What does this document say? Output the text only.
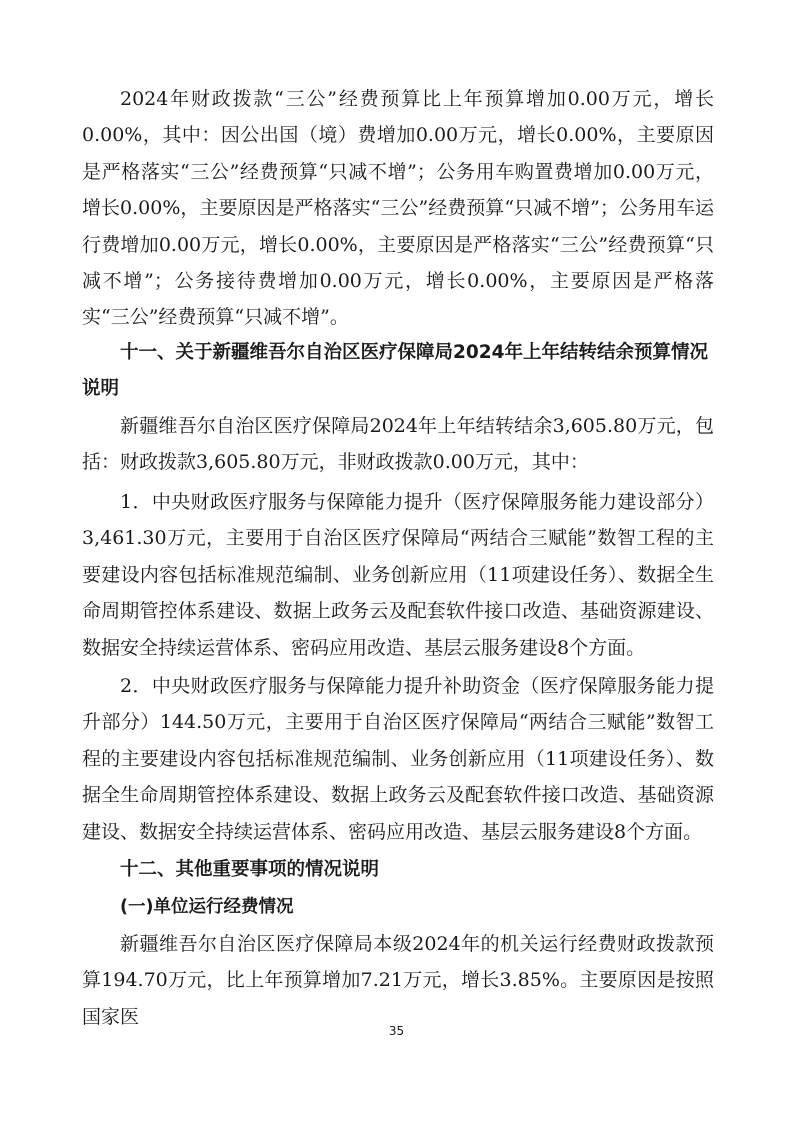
2024年财政拨款“三公”经费预算比上年预算增加0.00万元，增长0.00%，其中：因公出国（境）费增加0.00万元，增长0.00%，主要原因是严格落实“三公”经费预算“只减不增”；公务用车购置费增加0.00万元，增长0.00%，主要原因是严格落实“三公”经费预算“只减不增”；公务用车运行费增加0.00万元，增长0.00%，主要原因是严格落实“三公”经费预算“只减不增”；公务接待费增加0.00万元，增长0.00%，主要原因是严格落实“三公”经费预算“只减不增”。

十一、关于新疆维吾尔自治区医疗保障局2024年上年结转结余预算情况说明

新疆维吾尔自治区医疗保障局2024年上年结转结余3,605.80万元，包括：财政拨款3,605.80万元，非财政拨款0.00万元，其中：

1．中央财政医疗服务与保障能力提升（医疗保障服务能力建设部分）3,461.30万元，主要用于自治区医疗保障局“两结合三赋能”数智工程的主要建设内容包括标准规范编制、业务创新应用（11项建设任务）、数据全生命周期管控体系建设、数据上政务云及配套软件接口改造、基础资源建设、数据安全持续运营体系、密码应用改造、基层云服务建设8个方面。

2．中央财政医疗服务与保障能力提升补助资金（医疗保障服务能力提升部分）144.50万元，主要用于自治区医疗保障局“两结合三赋能”数智工程的主要建设内容包括标准规范编制、业务创新应用（11项建设任务）、数据全生命周期管控体系建设、数据上政务云及配套软件接口改造、基础资源建设、数据安全持续运营体系、密码应用改造、基层云服务建设8个方面。

十二、其他重要事项的情况说明

(一)单位运行经费情况

新疆维吾尔自治区医疗保障局本级2024年的机关运行经费财政拨款预算194.70万元，比上年预算增加7.21万元，增长3.85%。主要原因是按照国家医

35
